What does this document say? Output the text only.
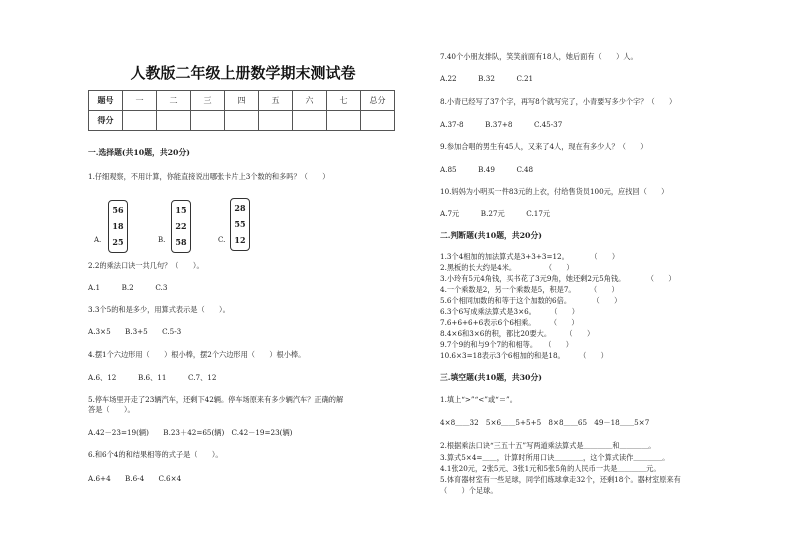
人教版二年级上册数学期末测试卷
题号	一	二	三	四	五	六	七	总分
得分								
一.选择题(共10题，共20分)
1.仔细观察，不用计算，你能直接说出哪张卡片上3个数的和多吗？（　　）
A.
56
18
25	B.
15
22
58	C.
28
55
12
2.2的乘法口诀一共几句？（　　）。
A.1　　　B.2　　　C.3
3.3个5的和是多少，用算式表示是（　　）。
A.3×5　　B.3+5　　C.5-3
4.摆1个六边形用（　　）根小棒，摆2个六边形用（　　）根小棒。
A.6、12　　　B.6、11　　　C.7、12
5.停车场里开走了23辆汽车，还剩下42辆。停车场原来有多少辆汽车？正确的解
答是（　　）。
A.42－23=19(辆)　　B.23＋42=65(辆)　C.42－19=23(辆)
6.和6个4的和结果相等的式子是（　　）。
A.6+4　　B.6-4　　C.6×4
7.40个小朋友排队，笑笑前面有18人，她后面有（　　）人。
A.22　　　B.32　　　C.21
8.小青已经写了37个字，再写8个就写完了，小青要写多少个字？（　　）
A.37-8　　　B.37+8　　　C.45-37
9.参加合唱的男生有45人，又来了4人，现在有多少人？（　　）
A.85　　　B.49　　　C.48
10.妈妈为小明买一件83元的上衣，付给售货员100元，应找回（　　）
A.7元　　　B.27元　　　C.17元
二.判断题(共10题，共20分)
1.3个4相加的加法算式是3+3+3=12。　　　　（　　）
2.黑板的长大约是4米。　　　　　（　　）
3.小玲有5元4角钱，买书花了3元9角，她还剩2元5角钱。　　　　（　　）
4.一个乘数是2，另一个乘数是5，积是7。　　　（　　）
5.6个相同加数的和等于这个加数的6倍。　　　　（　　）
6.3个6写成乘法算式是3×6。　　　（　　）
7.6+6+6+6表示6个6相乘。　　　（　　）
8.4×6和3×6的积，都比20要大。　　　（　　）
9.7个9的和与9个7的和相等。　　（　　）
10.6×3=18表示3个6相加的和是18。　　　（　　）
三.填空题(共10题，共30分)
1.填上“>”“<”或“＝”。
4×8＿＿32　5×6＿＿5+5+5　8×8＿＿65　49－18＿＿5×7
2.根据乘法口诀“三五十五”写两道乘法算式是＿＿＿＿和＿＿＿＿。
3.算式5×4=＿＿，计算时所用口诀＿＿＿＿，这个算式读作＿＿＿＿。
4.1张20元，2张5元、3张1元和5张5角的人民币一共是＿＿＿＿元。
5.体育器材室有一些足球，同学们练球拿走32个，还剩18个。器材室原来有
（　　）个足球。
